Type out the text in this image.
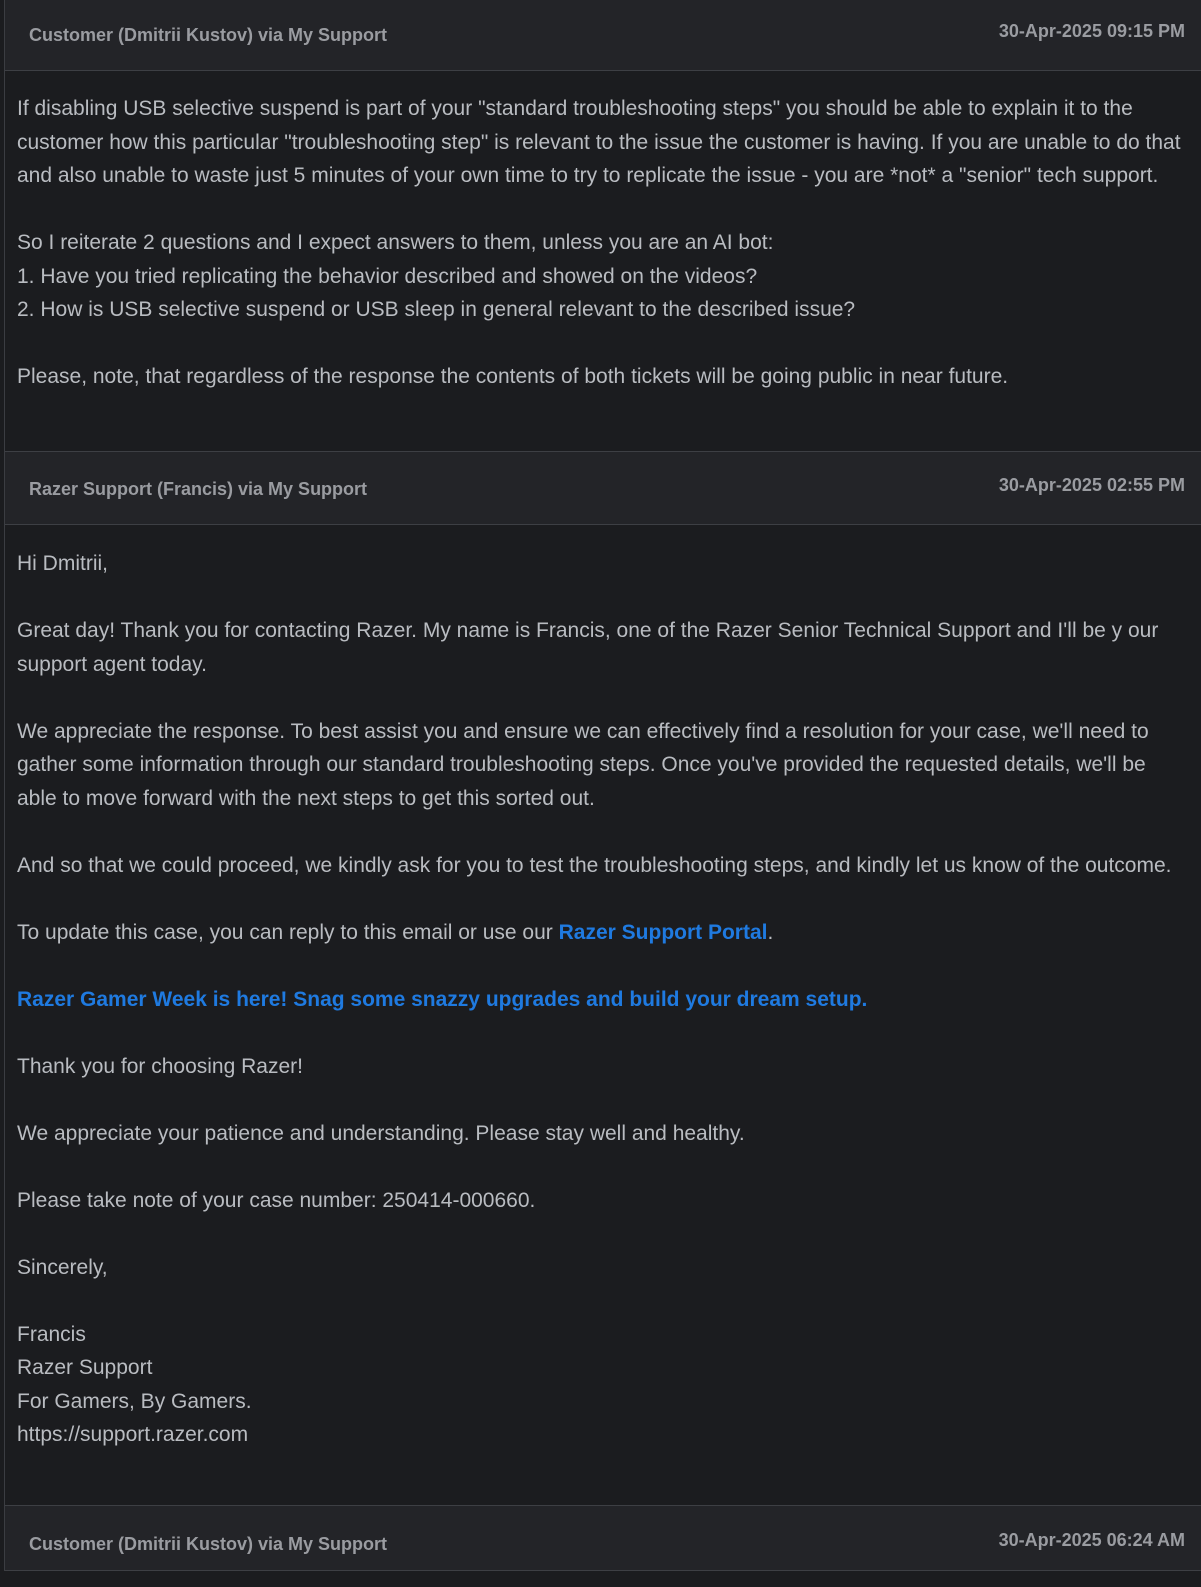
Customer (Dmitrii Kustov) via My Support	30-Apr-2025 09:15 PM

If disabling USB selective suspend is part of your "standard troubleshooting steps" you should be able to explain it to the customer how this particular "troubleshooting step" is relevant to the issue the customer is having. If you are unable to do that and also unable to waste just 5 minutes of your own time to try to replicate the issue - you are *not* a "senior" tech support.

So I reiterate 2 questions and I expect answers to them, unless you are an AI bot:

1. Have you tried replicating the behavior described and showed on the videos?

2. How is USB selective suspend or USB sleep in general relevant to the described issue?

Please, note, that regardless of the response the contents of both tickets will be going public in near future.

Razer Support (Francis) via My Support	30-Apr-2025 02:55 PM

Hi Dmitrii,

Great day! Thank you for contacting Razer. My name is Francis, one of the Razer Senior Technical Support and I'll be y our support agent today.

We appreciate the response. To best assist you and ensure we can effectively find a resolution for your case, we'll need to gather some information through our standard troubleshooting steps. Once you've provided the requested details, we'll be able to move forward with the next steps to get this sorted out.

And so that we could proceed, we kindly ask for you to test the troubleshooting steps, and kindly let us know of the outcome.

To update this case, you can reply to this email or use our Razer Support Portal.

Razer Gamer Week is here! Snag some snazzy upgrades and build your dream setup.

Thank you for choosing Razer!

We appreciate your patience and understanding. Please stay well and healthy.

Please take note of your case number: 250414-000660.

Sincerely,

Francis

Razer Support

For Gamers, By Gamers.

https://support.razer.com

Customer (Dmitrii Kustov) via My Support	30-Apr-2025 06:24 AM
